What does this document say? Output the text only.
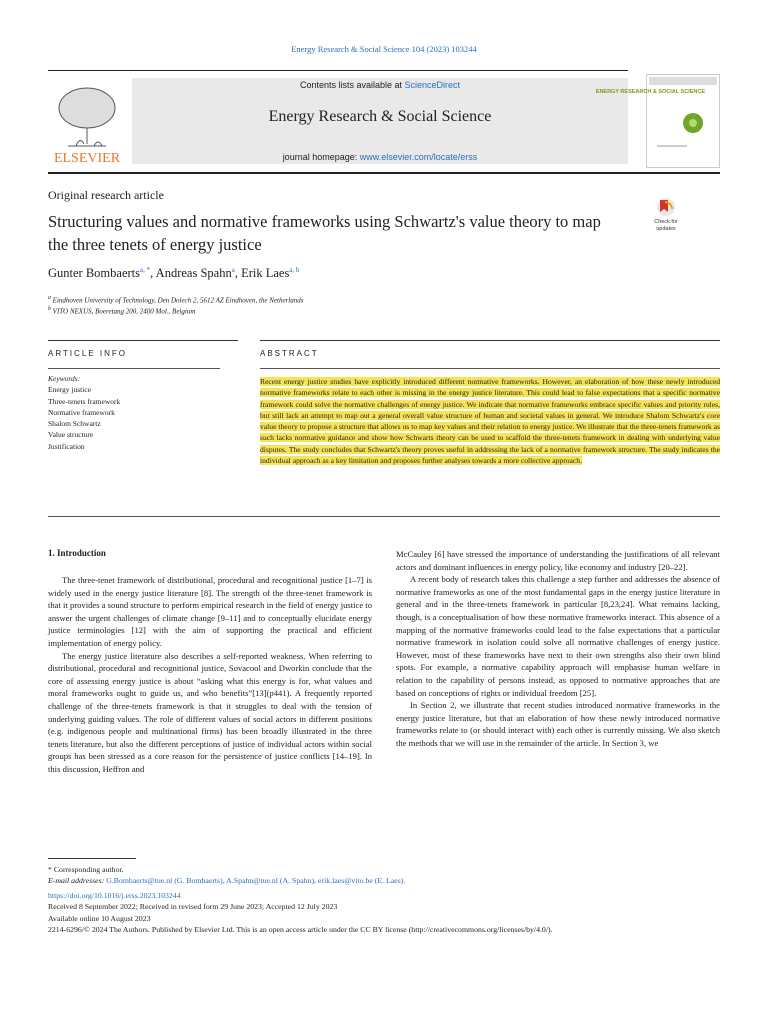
Energy Research & Social Science 104 (2023) 103244
ELSEVIER
Contents lists available at ScienceDirect
Energy Research & Social Science
journal homepage: www.elsevier.com/locate/erss
ENERGY RESEARCH & SOCIAL SCIENCE
Original research article
Structuring values and normative frameworks using Schwartz's value theory to map the three tenets of energy justice
Check for
updates
Gunter Bombaerts$^{a, *}$, Andreas Spahn$^a$, Erik Laes$^{a, b}$
$^a$ Eindhoven University of Technology, Den Dolech 2, 5612 AZ Eindhoven, the Netherlands
$^b$ VITO NEXUS, Boeretang 200, 2400 Mol., Belgium
ARTICLE INFO	ABSTRACT
Keywords:
Energy justice
Three-tenets framework
Normative framework
Shalom Schwartz
Value structure
Justification
Recent energy justice studies have explicitly introduced different normative frameworks. However, an elaboration of how these newly introduced normative frameworks relate to each other is missing in the energy justice literature. This could lead to false expectations that a specific normative framework could solve the normative challenges of energy justice. We indicate that normative frameworks embrace specific values and priority rules, but still lack an attempt to map out a general overall value structure of human and societal values in general. We introduce Shalom Schwartz's core value theory to propose a structure that allows us to map key values and their relation to energy justice. We illustrate that the three-tenets framework as such lacks normative guidance and show how Schwarts theory can be used to scaffold the three-tenets framework in dealing with underlying value disputes. The study concludes that Schwartz's theory proves useful in addressing the lack of a normative framework structure. The study indicates the individual approach as a key limitation and proposes further analyses towards a more collective approach.
1. Introduction

The three-tenet framework of distributional, procedural and recognitional justice [1–7] is widely used in the energy justice literature [8]. The strength of the three-tenet framework is that it provides a sound structure to perform empirical research in the field of energy justice to answer the urgent challenges of climate change [9–11] and to conceptually elucidate energy justice terminologies [12] with the aim of supporting the practical and efficient implementation of energy policy.

The energy justice literature also describes a self-reported weakness. When referring to distributional, procedural and recognitional justice, Sovacool and Dworkin conclude that the core of assessing energy justice is about “asking what this energy is for, what values and moral frameworks ought to guide us, and who benefits”[13](p441). A frequently reported challenge of the three-tenets framework is that it struggles to deal with the tension of underlying guiding values. The role of different values of social actors in different positions (e.g. indigenous people and multinational firms) has been broadly illustrated in the three tenets literature, but also the different perceptions of justice of individual actors within social groups has been stressed as a core reason for the persistence of justice conflicts [14–19]. In this discussion, Heffron and

McCauley [6] have stressed the importance of understanding the justifications of all relevant actors and dominant influences in energy policy, like economy and industry [20–22].

A recent body of research takes this challenge a step further and addresses the absence of normative frameworks as one of the most fundamental gaps in the energy justice literature in general and in the three-tenets framework in particular [8,23,24]. What remains lacking, though, is a conceptualisation of how these normative frameworks interact. This absence of a mapping of the normative frameworks could lead to the false expectations that a particular normative framework in isolation could solve all normative challenges of energy justice. However, most of these frameworks have next to their own strengths also their own blind spots. For example, a normative capability approach will emphasise human welfare in relation to the capability of persons instead, as opposed to normative approaches that are based on conceptions of rights or individual freedom [25].

In Section 2, we illustrate that recent studies introduced normative frameworks in the energy justice literature, but that an elaboration of how these newly introduced normative frameworks relate to (or should interact with) each other is currently missing. We also sketch the methods that we will use in the remainder of the article. In Section 3, we

* Corresponding author.
E-mail addresses: G.Bombaerts@tue.nl (G. Bombaerts), A.Spahn@tue.nl (A. Spahn), erik.laes@vito.be (E. Laes).
https://doi.org/10.1016/j.erss.2023.103244
Received 8 September 2022; Received in revised form 29 June 2023; Accepted 12 July 2023
Available online 10 August 2023
2214-6296/© 2024 The Authors. Published by Elsevier Ltd. This is an open access article under the CC BY license (http://creativecommons.org/licenses/by/4.0/).
